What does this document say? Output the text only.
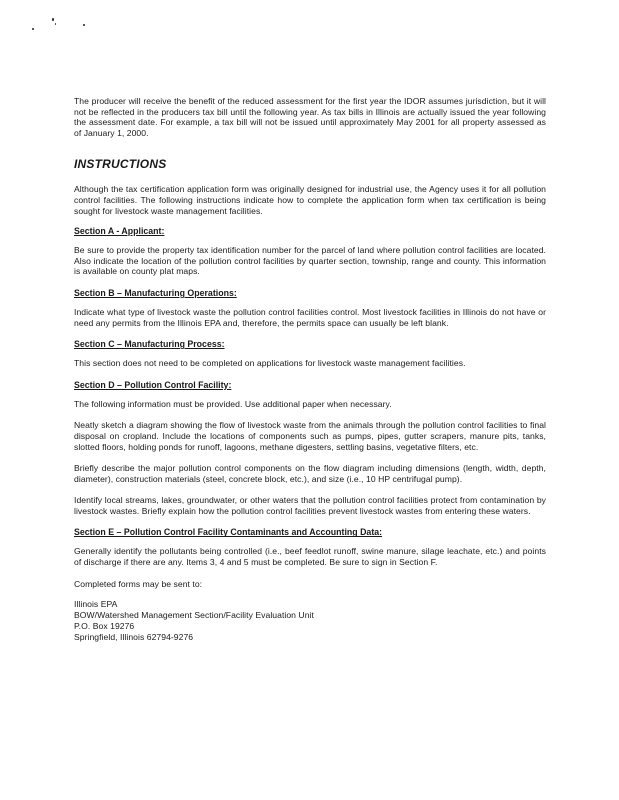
The producer will receive the benefit of the reduced assessment for the first year the IDOR assumes jurisdiction, but it will not be reflected in the producers tax bill until the following year. As tax bills in Illinois are actually issued the year following the assessment date. For example, a tax bill will not be issued until approximately May 2001 for all property assessed as of January 1, 2000.

INSTRUCTIONS

Although the tax certification application form was originally designed for industrial use, the Agency uses it for all pollution control facilities. The following instructions indicate how to complete the application form when tax certification is being sought for livestock waste management facilities.

Section A - Applicant:

Be sure to provide the property tax identification number for the parcel of land where pollution control facilities are located. Also indicate the location of the pollution control facilities by quarter section, township, range and county. This information is available on county plat maps.

Section B – Manufacturing Operations:

Indicate what type of livestock waste the pollution control facilities control. Most livestock facilities in Illinois do not have or need any permits from the Illinois EPA and, therefore, the permits space can usually be left blank.

Section C – Manufacturing Process:

This section does not need to be completed on applications for livestock waste management facilities.

Section D – Pollution Control Facility:

The following information must be provided. Use additional paper when necessary.

Neatly sketch a diagram showing the flow of livestock waste from the animals through the pollution control facilities to final disposal on cropland. Include the locations of components such as pumps, pipes, gutter scrapers, manure pits, tanks, slotted floors, holding ponds for runoff, lagoons, methane digesters, settling basins, vegetative filters, etc.

Briefly describe the major pollution control components on the flow diagram including dimensions (length, width, depth, diameter), construction materials (steel, concrete block, etc.), and size (i.e., 10 HP centrifugal pump).

Identify local streams, lakes, groundwater, or other waters that the pollution control facilities protect from contamination by livestock wastes. Briefly explain how the pollution control facilities prevent livestock wastes from entering these waters.

Section E – Pollution Control Facility Contaminants and Accounting Data:

Generally identify the pollutants being controlled (i.e., beef feedlot runoff, swine manure, silage leachate, etc.) and points of discharge if there are any. Items 3, 4 and 5 must be completed. Be sure to sign in Section F.

Completed forms may be sent to:

Illinois EPA

BOW/Watershed Management Section/Facility Evaluation Unit

P.O. Box 19276

Springfield, Illinois 62794-9276
